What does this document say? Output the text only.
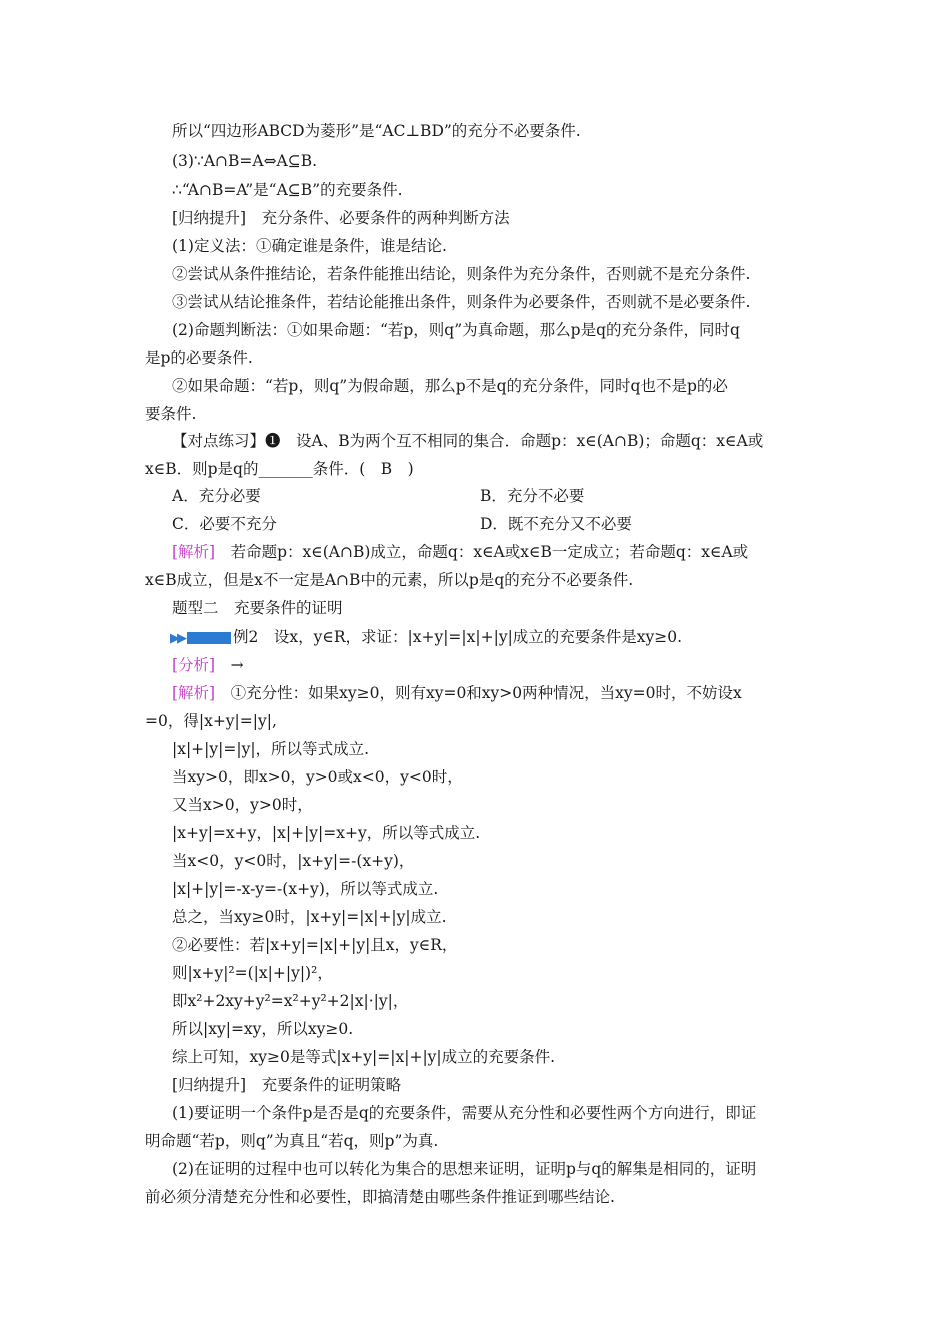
所以“四边形ABCD为菱形”是“AC⊥BD”的充分不必要条件.
(3)∵A∩B=A⇔A⊆B.
∴“A∩B=A”是“A⊆B”的充要条件.
[归纳提升]　充分条件、必要条件的两种判断方法
(1)定义法：①确定谁是条件，谁是结论.
②尝试从条件推结论，若条件能推出结论，则条件为充分条件，否则就不是充分条件.
③尝试从结论推条件，若结论能推出条件，则条件为必要条件，否则就不是必要条件.
(2)命题判断法：①如果命题：“若p，则q”为真命题，那么p是q的充分条件，同时q
是p的必要条件.
②如果命题：“若p，则q”为假命题，那么p不是q的充分条件，同时q也不是p的必
要条件.
【对点练习】❶　设A、B为两个互不相同的集合．命题p：x∈(A∩B)；命题q：x∈A或
x∈B．则p是q的_______条件．(　B　)
A．充分必要	B．充分不必要
C．必要不充分	D．既不充分又不必要
[解析]　若命题p：x∈(A∩B)成立，命题q：x∈A或x∈B一定成立；若命题q：x∈A或
x∈B成立，但是x不一定是A∩B中的元素，所以p是q的充分不必要条件.
题型二　充要条件的证明
▶▶	例2　设x，y∈R，求证：|x+y|=|x|+|y|成立的充要条件是xy≥0.
[分析]　→
[解析]　①充分性：如果xy≥0，则有xy=0和xy>0两种情况，当xy=0时，不妨设x
=0，得|x+y|=|y|,
|x|+|y|=|y|，所以等式成立.
当xy>0，即x>0，y>0或x<0，y<0时，
又当x>0，y>0时，
|x+y|=x+y，|x|+|y|=x+y，所以等式成立.
当x<0，y<0时，|x+y|=-(x+y)，
|x|+|y|=-x-y=-(x+y)，所以等式成立.
总之，当xy≥0时，|x+y|=|x|+|y|成立.
②必要性：若|x+y|=|x|+|y|且x，y∈R，
则|x+y|²=(|x|+|y|)²，
即x²+2xy+y²=x²+y²+2|x|·|y|，
所以|xy|=xy，所以xy≥0.
综上可知，xy≥0是等式|x+y|=|x|+|y|成立的充要条件.
[归纳提升]　充要条件的证明策略
(1)要证明一个条件p是否是q的充要条件，需要从充分性和必要性两个方向进行，即证
明命题“若p，则q”为真且“若q，则p”为真.
(2)在证明的过程中也可以转化为集合的思想来证明，证明p与q的解集是相同的，证明
前必须分清楚充分性和必要性，即搞清楚由哪些条件推证到哪些结论.
